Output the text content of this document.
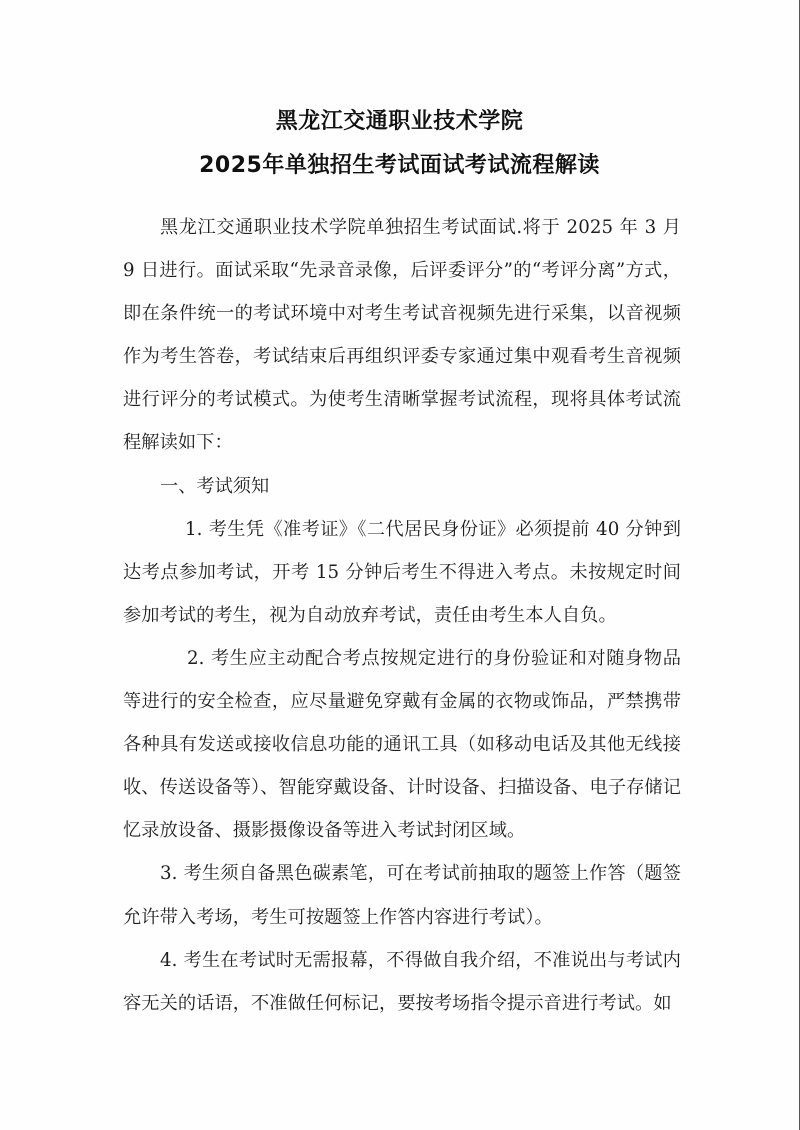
黑龙江交通职业技术学院
2025年单独招生考试面试考试流程解读

黑龙江交通职业技术学院单独招生考试面试.将于 2025 年 3 月 9 日进行。面试采取“先录音录像，后评委评分”的“考评分离”方式，即在条件统一的考试环境中对考生考试音视频先进行采集，以音视频作为考生答卷，考试结束后再组织评委专家通过集中观看考生音视频进行评分的考试模式。为使考生清晰掌握考试流程，现将具体考试流程解读如下：

一、考试须知

1. 考生凭《准考证》《二代居民身份证》必须提前 40 分钟到达考点参加考试，开考 15 分钟后考生不得进入考点。未按规定时间参加考试的考生，视为自动放弃考试，责任由考生本人自负。

2. 考生应主动配合考点按规定进行的身份验证和对随身物品等进行的安全检查，应尽量避免穿戴有金属的衣物或饰品，严禁携带各种具有发送或接收信息功能的通讯工具（如移动电话及其他无线接收、传送设备等）、智能穿戴设备、计时设备、扫描设备、电子存储记忆录放设备、摄影摄像设备等进入考试封闭区域。

3. 考生须自备黑色碳素笔，可在考试前抽取的题签上作答（题签允许带入考场，考生可按题签上作答内容进行考试）。

4. 考生在考试时无需报幕，不得做自我介绍，不准说出与考试内容无关的话语，不准做任何标记，要按考场指令提示音进行考试。如
